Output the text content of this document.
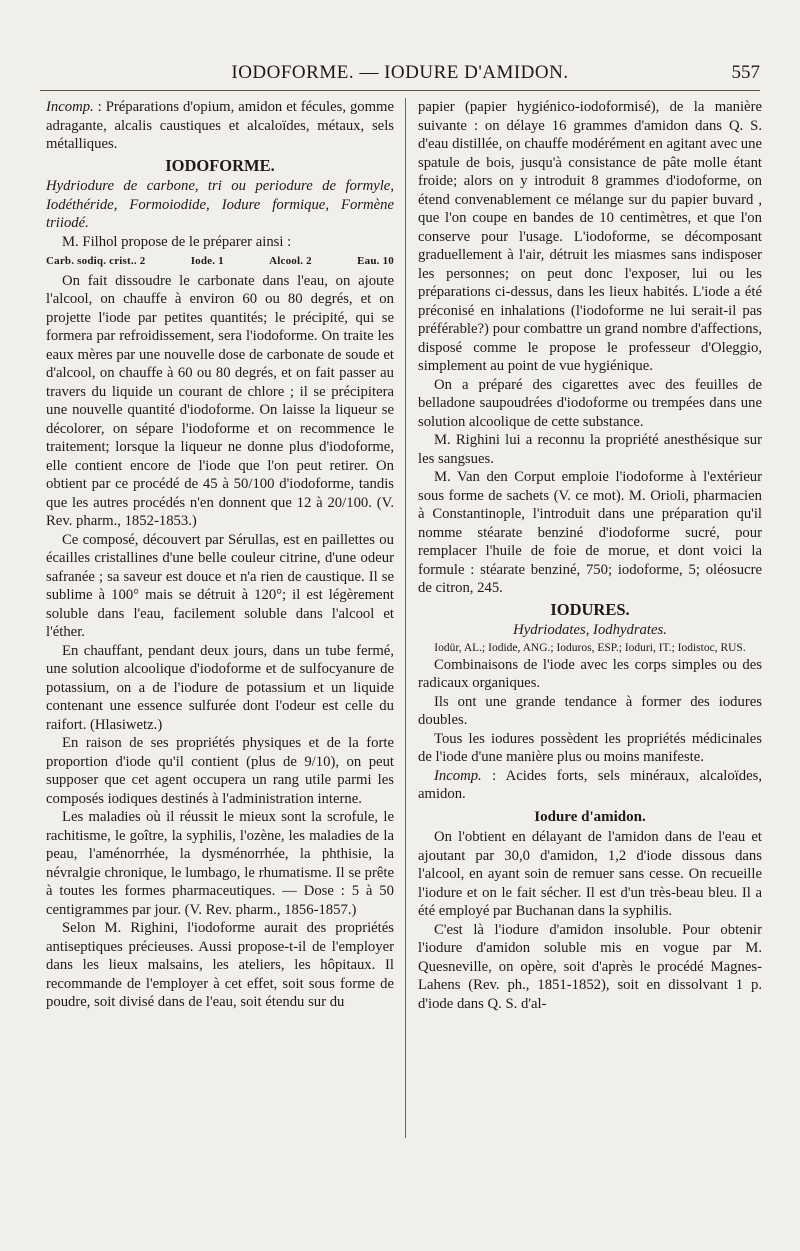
IODOFORME. — IODURE D'AMIDON.	557

Incomp. : Préparations d'opium, amidon et fécules, gomme adragante, alcalis caustiques et alcaloïdes, métaux, sels métalliques.

IODOFORME.

Hydriodure de carbone, tri ou periodure de formyle, Iodéthéride, Formoiodide, Iodure formique, Formène triiodé.

M. Filhol propose de le préparer ainsi :

Carb. sodiq. crist.. 2	Iode. 1	Alcool. 2	Eau. 10

On fait dissoudre le carbonate dans l'eau, on ajoute l'alcool, on chauffe à environ 60 ou 80 degrés, et on projette l'iode par petites quantités; le précipité, qui se formera par refroidissement, sera l'iodoforme. On traite les eaux mères par une nouvelle dose de carbonate de soude et d'alcool, on chauffe à 60 ou 80 degrés, et on fait passer au travers du liquide un courant de chlore ; il se précipitera une nouvelle quantité d'iodoforme. On laisse la liqueur se décolorer, on sépare l'iodoforme et on recommence le traitement; lorsque la liqueur ne donne plus d'iodoforme, elle contient encore de l'iode que l'on peut retirer. On obtient par ce procédé de 45 à 50/100 d'iodoforme, tandis que les autres procédés n'en donnent que 12 à 20/100. (V. Rev. pharm., 1852-1853.)

Ce composé, découvert par Sérullas, est en paillettes ou écailles cristallines d'une belle couleur citrine, d'une odeur safranée ; sa saveur est douce et n'a rien de caustique. Il se sublime à 100° mais se détruit à 120°; il est légèrement soluble dans l'eau, facilement soluble dans l'alcool et l'éther.

En chauffant, pendant deux jours, dans un tube fermé, une solution alcoolique d'iodoforme et de sulfocyanure de potassium, on a de l'iodure de potassium et un liquide contenant une essence sulfurée dont l'odeur est celle du raifort. (Hlasiwetz.)

En raison de ses propriétés physiques et de la forte proportion d'iode qu'il contient (plus de 9/10), on peut supposer que cet agent occupera un rang utile parmi les composés iodiques destinés à l'administration interne.

Les maladies où il réussit le mieux sont la scrofule, le rachitisme, le goître, la syphilis, l'ozène, les maladies de la peau, l'aménorrhée, la dysménorrhée, la phthisie, la névralgie chronique, le lumbago, le rhumatisme. Il se prête à toutes les formes pharmaceutiques. — Dose : 5 à 50 centigrammes par jour. (V. Rev. pharm., 1856-1857.)

Selon M. Righini, l'iodoforme aurait des propriétés antiseptiques précieuses. Aussi propose-t-il de l'employer dans les lieux malsains, les ateliers, les hôpitaux. Il recommande de l'employer à cet effet, soit sous forme de poudre, soit divisé dans de l'eau, soit étendu sur du

papier (papier hygiénico-iodoformisé), de la manière suivante : on délaye 16 grammes d'amidon dans Q. S. d'eau distillée, on chauffe modérément en agitant avec une spatule de bois, jusqu'à consistance de pâte molle étant froide; alors on y introduit 8 grammes d'iodoforme, on étend convenablement ce mélange sur du papier buvard , que l'on coupe en bandes de 10 centimètres, et que l'on conserve pour l'usage. L'iodoforme, se décomposant graduellement à l'air, détruit les miasmes sans indisposer les personnes; on peut donc l'exposer, lui ou les préparations ci-dessus, dans les lieux habités. L'iode a été préconisé en inhalations (l'iodoforme ne lui serait-il pas préférable?) pour combattre un grand nombre d'affections, disposé comme le propose le professeur d'Oleggio, simplement au point de vue hygiénique.

On a préparé des cigarettes avec des feuilles de belladone saupoudrées d'iodoforme ou trempées dans une solution alcoolique de cette substance.

M. Righini lui a reconnu la propriété anesthésique sur les sangsues.

M. Van den Corput emploie l'iodoforme à l'extérieur sous forme de sachets (V. ce mot). M. Orioli, pharmacien à Constantinople, l'introduit dans une préparation qu'il nomme stéarate benziné d'iodoforme sucré, pour remplacer l'huile de foie de morue, et dont voici la formule : stéarate benziné, 750; iodoforme, 5; oléosucre de citron, 245.

IODURES.

Hydriodates, Iodhydrates.

Iodür, AL.; Iodide, ANG.; Ioduros, ESP.; Ioduri, IT.; Iodistoc, RUS.

Combinaisons de l'iode avec les corps simples ou des radicaux organiques.

Ils ont une grande tendance à former des iodures doubles.

Tous les iodures possèdent les propriétés médicinales de l'iode d'une manière plus ou moins manifeste.

Incomp. : Acides forts, sels minéraux, alcaloïdes, amidon.

Iodure d'amidon.

On l'obtient en délayant de l'amidon dans de l'eau et ajoutant par 30,0 d'amidon, 1,2 d'iode dissous dans l'alcool, en ayant soin de remuer sans cesse. On recueille l'iodure et on le fait sécher. Il est d'un très-beau bleu. Il a été employé par Buchanan dans la syphilis.

C'est là l'iodure d'amidon insoluble. Pour obtenir l'iodure d'amidon soluble mis en vogue par M. Quesneville, on opère, soit d'après le procédé Magnes-Lahens (Rev. ph., 1851-1852), soit en dissolvant 1 p. d'iode dans Q. S. d'al-
